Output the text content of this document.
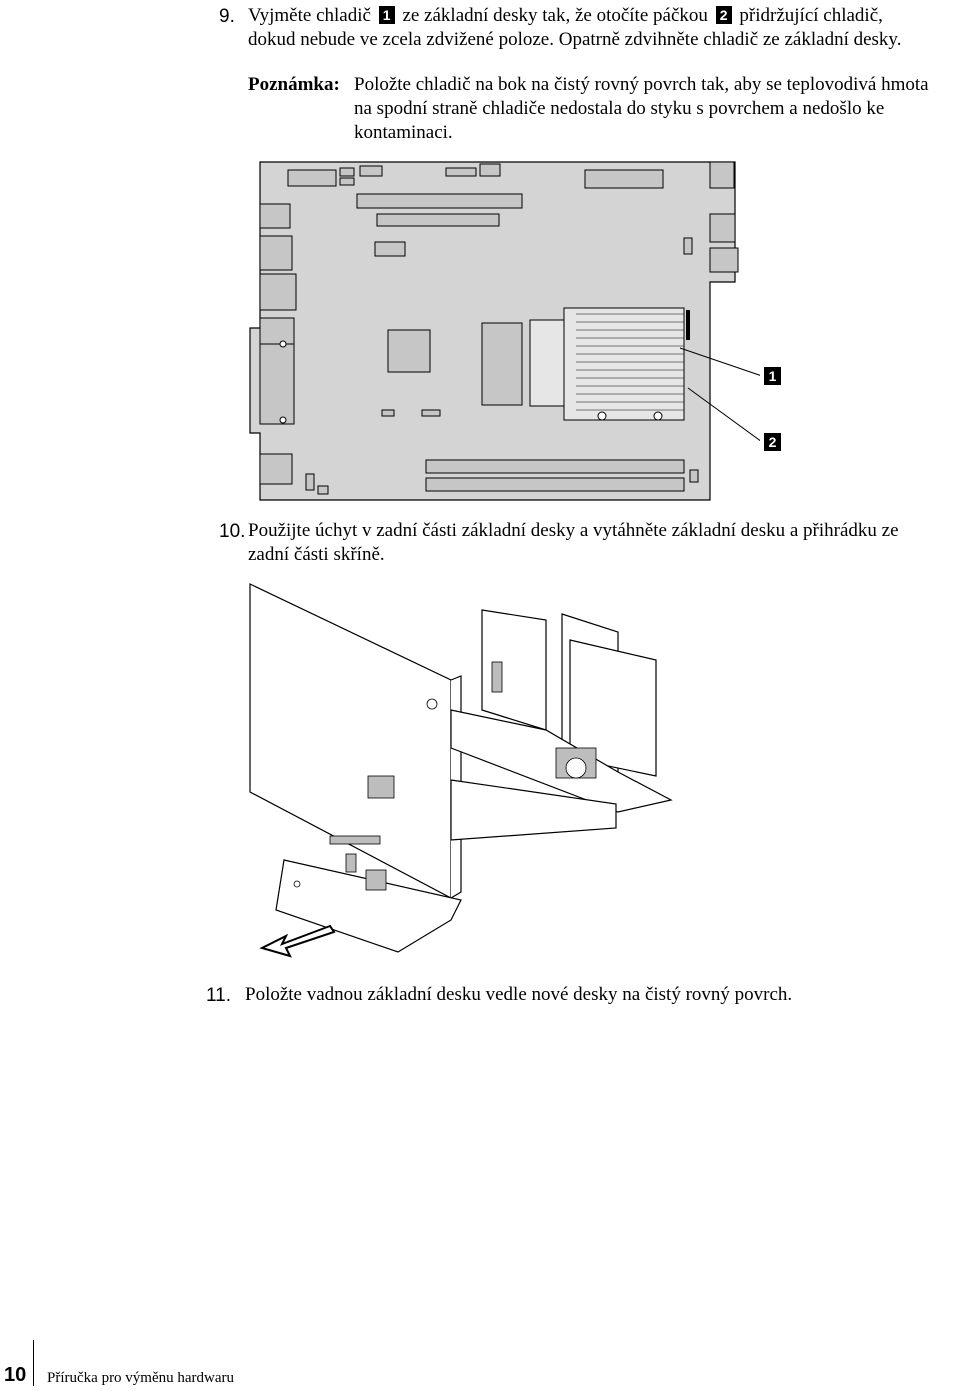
9. Vyjměte chladič 1 ze základní desky tak, že otočíte páčkou 2 přidržující chladič,
dokud nebude ve zcela zdvižené poloze. Opatrně zdvihněte chladič ze základní desky.
Poznámka: Položte chladič na bok na čistý rovný povrch tak, aby se teplovodivá hmota
na spodní straně chladiče nedostala do styku s povrchem a nedošlo ke
kontaminaci.
1
2
10. Použijte úchyt v zadní části základní desky a vytáhněte základní desku a přihrádku ze
zadní části skříně.
11. Položte vadnou základní desku vedle nové desky na čistý rovný povrch.
10 Příručka pro výměnu hardwaru
